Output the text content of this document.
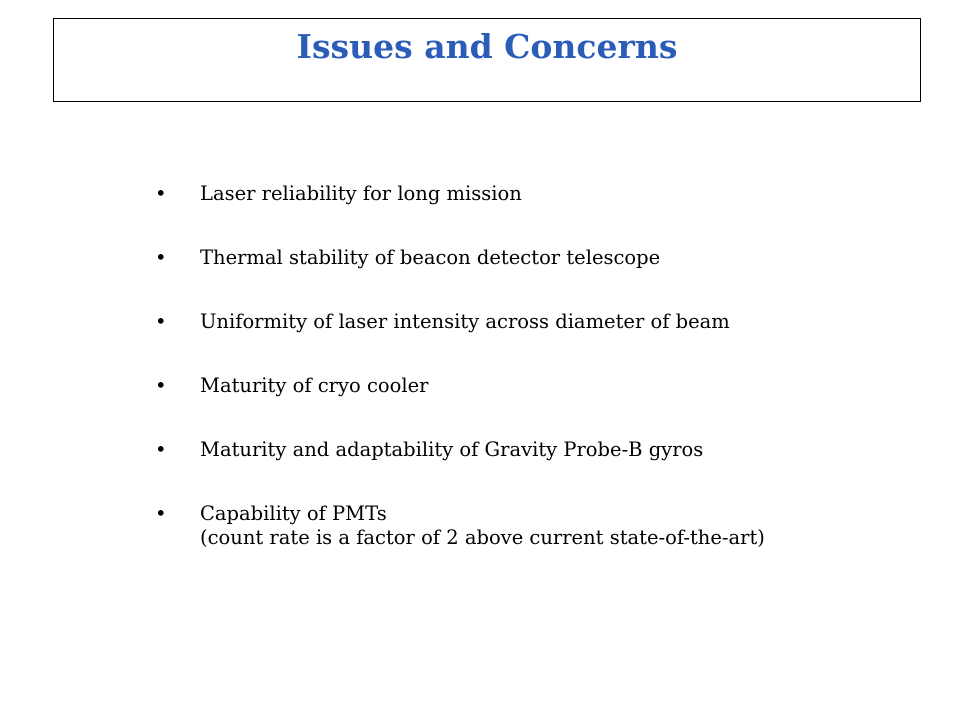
Issues and Concerns
• Laser reliability for long mission
• Thermal stability of beacon detector telescope
• Uniformity of laser intensity across diameter of beam
• Maturity of cryo cooler
• Maturity and adaptability of Gravity Probe-B gyros
• Capability of PMTs
(count rate is a factor of 2 above current state-of-the-art)
